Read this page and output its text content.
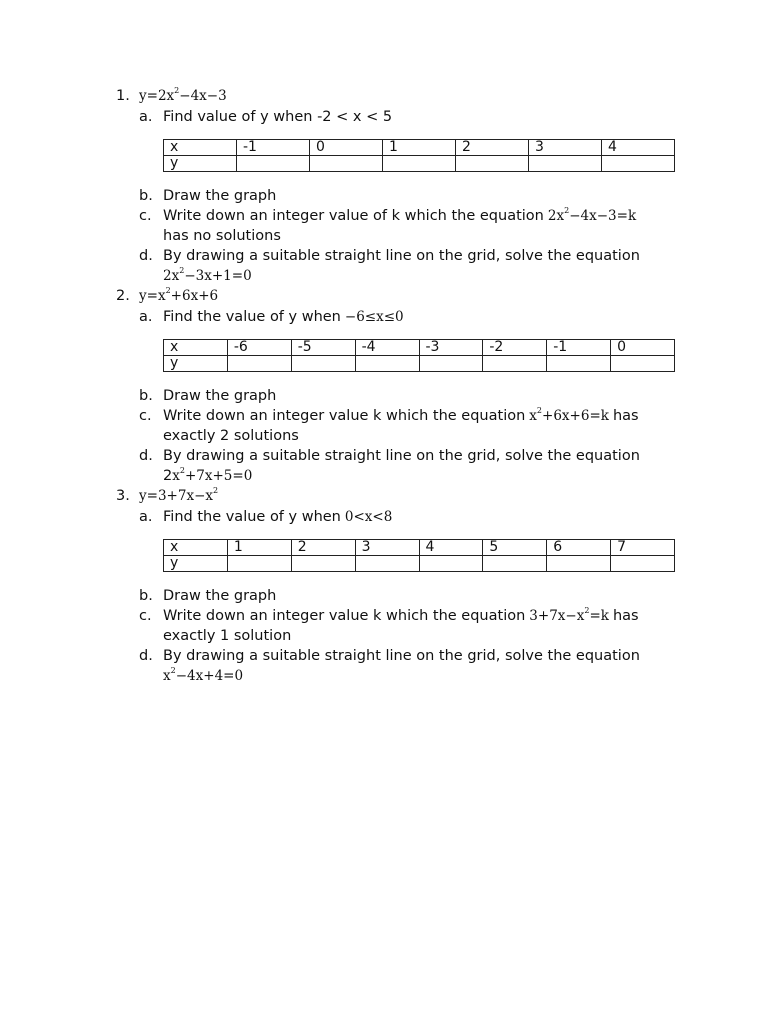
1. $y=2x^2-4x-3$
a. Find value of y when -2 < x < 5
x	-1	0	1	2	3	4
y						
b. Draw the graph
c. Write down an integer value of k which the equation $2x^2-4x-3=k$
has no solutions
d. By drawing a suitable straight line on the grid, solve the equation
$2x^2-3x+1=0$
2. $y=x^2+6x+6$
a. Find the value of y when −6≤x≤0
x	-6	-5	-4	-3	-2	-1	0
y							
b. Draw the graph
c. Write down an integer value k which the equation $x^2+6x+6=k$ has exactly 2 solutions
d. By drawing a suitable straight line on the grid, solve the equation
$2x^2+7x+5=0$
3. $y=3+7x-x^2$
a. Find the value of y when 0<x<8
x	1	2	3	4	5	6	7
y							
b. Draw the graph
c. Write down an integer value k which the equation $3+7x-x^2=k$ has exactly 1 solution
d. By drawing a suitable straight line on the grid, solve the equation
$x^2-4x+4=0$
